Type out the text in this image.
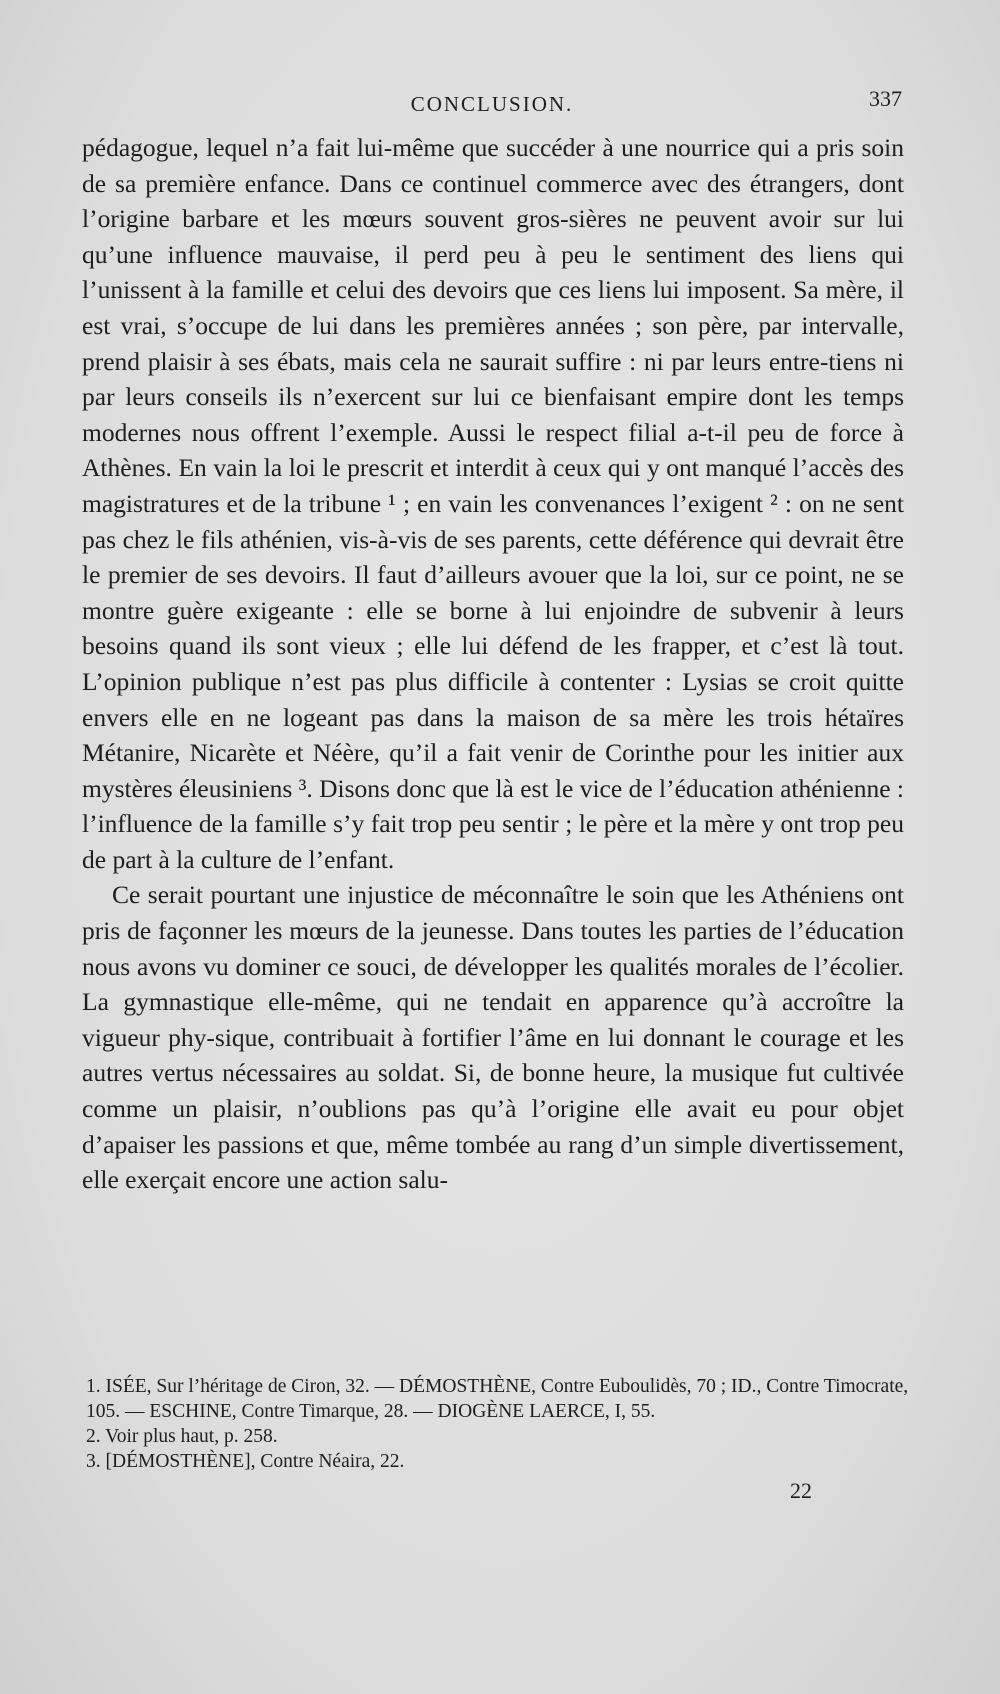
CONCLUSION.	337

pédagogue, lequel n’a fait lui-même que succéder à une nourrice qui a pris soin de sa première enfance. Dans ce continuel commerce avec des étrangers, dont l’origine barbare et les mœurs souvent gros-sières ne peuvent avoir sur lui qu’une influence mauvaise, il perd peu à peu le sentiment des liens qui l’unissent à la famille et celui des devoirs que ces liens lui imposent. Sa mère, il est vrai, s’occupe de lui dans les premières années ; son père, par intervalle, prend plaisir à ses ébats, mais cela ne saurait suffire : ni par leurs entre-tiens ni par leurs conseils ils n’exercent sur lui ce bienfaisant empire dont les temps modernes nous offrent l’exemple. Aussi le respect filial a-t-il peu de force à Athènes. En vain la loi le prescrit et interdit à ceux qui y ont manqué l’accès des magistratures et de la tribune ¹ ; en vain les convenances l’exigent ² : on ne sent pas chez le fils athénien, vis-à-vis de ses parents, cette déférence qui devrait être le premier de ses devoirs. Il faut d’ailleurs avouer que la loi, sur ce point, ne se montre guère exigeante : elle se borne à lui enjoindre de subvenir à leurs besoins quand ils sont vieux ; elle lui défend de les frapper, et c’est là tout. L’opinion publique n’est pas plus difficile à contenter : Lysias se croit quitte envers elle en ne logeant pas dans la maison de sa mère les trois hétaïres Métanire, Nicarète et Néère, qu’il a fait venir de Corinthe pour les initier aux mystères éleusiniens ³. Disons donc que là est le vice de l’éducation athénienne : l’influence de la famille s’y fait trop peu sentir ; le père et la mère y ont trop peu de part à la culture de l’enfant.

Ce serait pourtant une injustice de méconnaître le soin que les Athéniens ont pris de façonner les mœurs de la jeunesse. Dans toutes les parties de l’éducation nous avons vu dominer ce souci, de développer les qualités morales de l’écolier. La gymnastique elle-même, qui ne tendait en apparence qu’à accroître la vigueur phy-sique, contribuait à fortifier l’âme en lui donnant le courage et les autres vertus nécessaires au soldat. Si, de bonne heure, la musique fut cultivée comme un plaisir, n’oublions pas qu’à l’origine elle avait eu pour objet d’apaiser les passions et que, même tombée au rang d’un simple divertissement, elle exerçait encore une action salu-

1. ISÉE, Sur l’héritage de Ciron, 32. — DÉMOSTHÈNE, Contre Euboulidès, 70 ; ID., Contre Timocrate, 105. — ESCHINE, Contre Timarque, 28. — DIOGÈNE LAERCE, I, 55.

2. Voir plus haut, p. 258.

3. [DÉMOSTHÈNE], Contre Néaira, 22.

22
